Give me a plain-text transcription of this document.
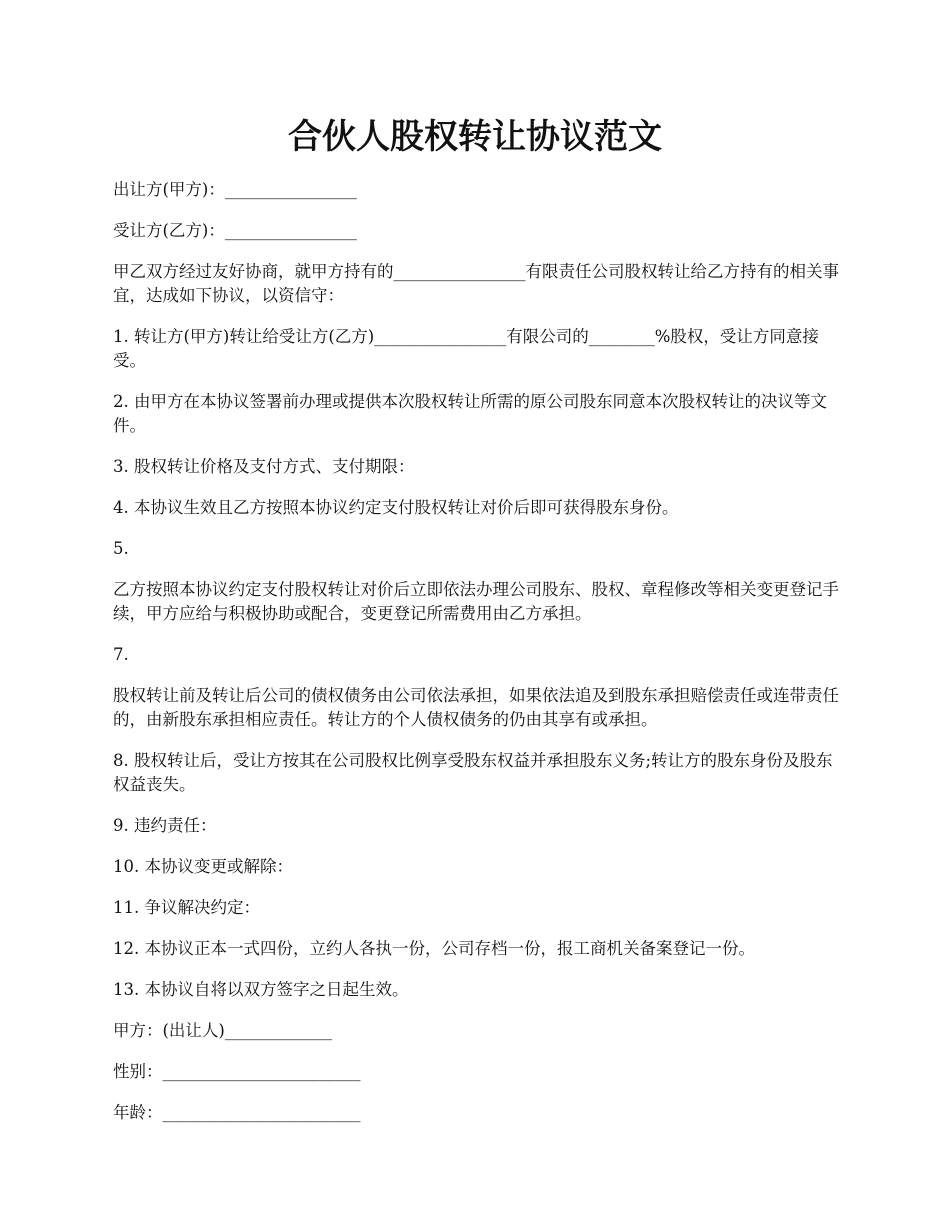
合伙人股权转让协议范文

出让方(甲方)：________________

受让方(乙方)：________________

甲乙双方经过友好协商，就甲方持有的________________有限责任公司股权转让给乙方持有的相关事宜，达成如下协议，以资信守：

1. 转让方(甲方)转让给受让方(乙方)________________有限公司的________%股权，受让方同意接受。

2. 由甲方在本协议签署前办理或提供本次股权转让所需的原公司股东同意本次股权转让的决议等文件。

3. 股权转让价格及支付方式、支付期限：

4. 本协议生效且乙方按照本协议约定支付股权转让对价后即可获得股东身份。

5.

乙方按照本协议约定支付股权转让对价后立即依法办理公司股东、股权、章程修改等相关变更登记手续，甲方应给与积极协助或配合，变更登记所需费用由乙方承担。

7.

股权转让前及转让后公司的债权债务由公司依法承担，如果依法追及到股东承担赔偿责任或连带责任的，由新股东承担相应责任。转让方的个人债权债务的仍由其享有或承担。

8. 股权转让后，受让方按其在公司股权比例享受股东权益并承担股东义务;转让方的股东身份及股东权益丧失。

9. 违约责任：

10. 本协议变更或解除：

11. 争议解决约定：

12. 本协议正本一式四份，立约人各执一份，公司存档一份，报工商机关备案登记一份。

13. 本协议自将以双方签字之日起生效。

甲方：(出让人)_____________

性别：________________________

年龄：________________________
